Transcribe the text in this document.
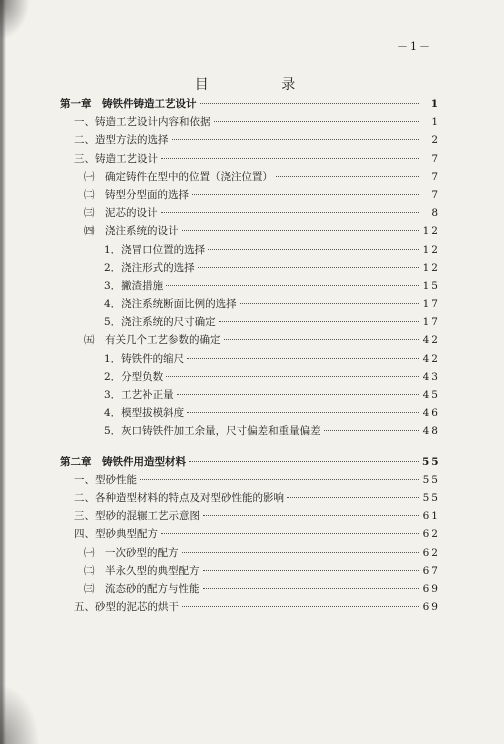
－1－
目 录
第一章　铸铁件铸造工艺设计	1
一、铸造工艺设计内容和依据	1
二、造型方法的选择	2
三、铸造工艺设计	7
㈠　确定铸件在型中的位置（浇注位置）	7
㈡　铸型分型面的选择	7
㈢　泥芯的设计	8
㈣　浇注系统的设计	12
1．浇冒口位置的选择	12
2．浇注形式的选择	12
3．撇渣措施	15
4．浇注系统断面比例的选择	17
5．浇注系统的尺寸确定	17
㈤　有关几个工艺参数的确定	42
1．铸铁件的缩尺	42
2．分型负数	43
3．工艺补正量	45
4．模型拔模斜度	46
5．灰口铸铁件加工余量，尺寸偏差和重量偏差	48
第二章　铸铁件用造型材料	55
一、型砂性能	55
二、各种造型材料的特点及对型砂性能的影响	55
三、型砂的混辗工艺示意图	61
四、型砂典型配方	62
㈠　一次砂型的配方	62
㈡　半永久型的典型配方	67
㈢　流态砂的配方与性能	69
五、砂型的泥芯的烘干	69
